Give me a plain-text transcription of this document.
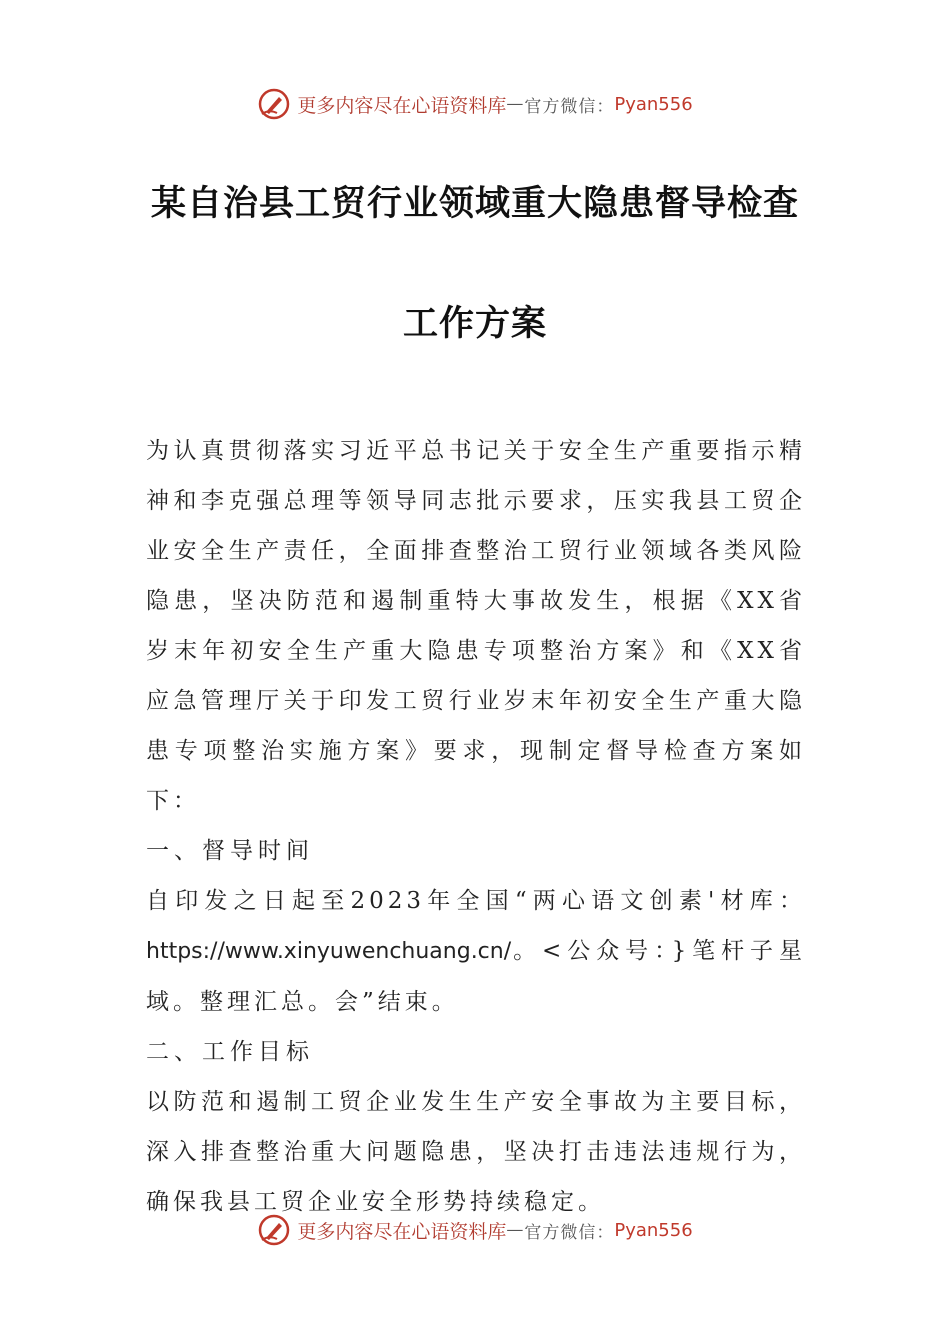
更多内容尽在心语资料库 — 官方微信： Pyan556
某自治县工贸行业领域重大隐患督导检查
工作方案

为认真贯彻落实习近平总书记关于安全生产重要指示精神和李克强总理等领导同志批示要求，压实我县工贸企业安全生产责任，全面排查整治工贸行业领域各类风险隐患，坚决防范和遏制重特大事故发生，根据《XX省岁末年初安全生产重大隐患专项整治方案》和《XX省应急管理厅关于印发工贸行业岁末年初安全生产重大隐患专项整治实施方案》要求，现制定督导检查方案如下：

一、督导时间

自印发之日起至2023年全国“两心语文创素'材库：https://www.xinyuwenchuang.cn/。<公众号：}笔杆子星域。整理汇总。会”结束。

二、工作目标

以防范和遏制工贸企业发生生产安全事故为主要目标，深入排查整治重大问题隐患，坚决打击违法违规行为，确保我县工贸企业安全形势持续稳定。

更多内容尽在心语资料库 — 官方微信： Pyan556
